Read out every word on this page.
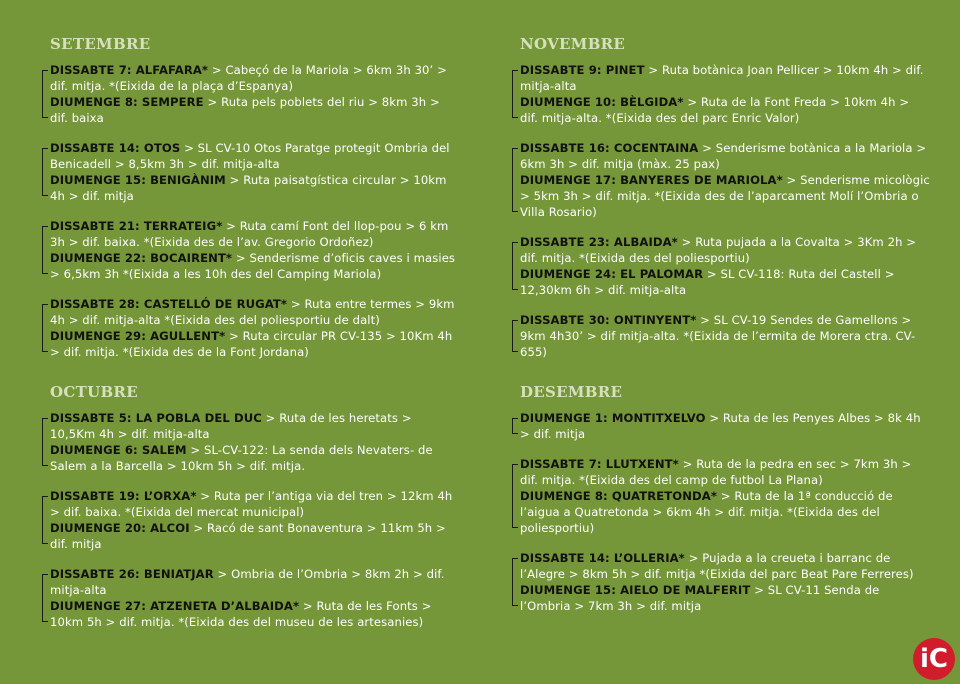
SETEMBRE
DISSABTE 7: ALFAFARA* > Cabeçó de la Mariola > 6km 3h 30’ > dif. mitja. *(Eixida de la plaça d’Espanya)
DIUMENGE 8: SEMPERE > Ruta pels poblets del riu > 8km 3h > dif. baixa
DISSABTE 14: OTOS > SL CV-10 Otos Paratge protegit Ombria del Benicadell > 8,5km 3h > dif. mitja-alta
DIUMENGE 15: BENIGÀNIM > Ruta paisatgística circular > 10km 4h > dif. mitja
DISSABTE 21: TERRATEIG* > Ruta camí Font del llop-pou > 6 km 3h > dif. baixa. *(Eixida des de l’av. Gregorio Ordoñez)
DIUMENGE 22: BOCAIRENT* > Senderisme d’oficis caves i masies > 6,5km 3h *(Eixida a les 10h des del Camping Mariola)
DISSABTE 28: CASTELLÓ DE RUGAT* > Ruta entre termes > 9km 4h > dif. mitja-alta *(Eixida des del poliesportiu de dalt)
DIUMENGE 29: AGULLENT* > Ruta circular PR CV-135 > 10Km 4h > dif. mitja. *(Eixida des de la Font Jordana)
OCTUBRE
DISSABTE 5: LA POBLA DEL DUC > Ruta de les heretats > 10,5Km 4h > dif. mitja-alta
DIUMENGE 6: SALEM > SL-CV-122: La senda dels Nevaters- de Salem a la Barcella > 10km 5h > dif. mitja.
DISSABTE 19: L’ORXA* > Ruta per l’antiga via del tren > 12km 4h > dif. baixa. *(Eixida del mercat municipal)
DIUMENGE 20: ALCOI > Racó de sant Bonaventura > 11km 5h > dif. mitja
DISSABTE 26: BENIATJAR > Ombria de l’Ombria > 8km 2h > dif. mitja-alta
DIUMENGE 27: ATZENETA D’ALBAIDA* > Ruta de les Fonts > 10km 5h > dif. mitja. *(Eixida des del museu de les artesanies)
NOVEMBRE
DISSABTE 9: PINET > Ruta botànica Joan Pellicer > 10km 4h > dif. mitja-alta
DIUMENGE 10: BÈLGIDA* > Ruta de la Font Freda > 10km 4h > dif. mitja-alta. *(Eixida des del parc Enric Valor)
DISSABTE 16: COCENTAINA > Senderisme botànica a la Mariola > 6km 3h > dif. mitja (màx. 25 pax)
DIUMENGE 17: BANYERES DE MARIOLA* > Senderisme micològic > 5km 3h > dif. mitja. *(Eixida des de l’aparcament Molí l’Ombria o Villa Rosario)
DISSABTE 23: ALBAIDA* > Ruta pujada a la Covalta > 3Km 2h > dif. mitja. *(Eixida des del poliesportiu)
DIUMENGE 24: EL PALOMAR > SL CV-118: Ruta del Castell > 12,30km 6h > dif. mitja-alta
DISSABTE 30: ONTINYENT* > SL CV-19 Sendes de Gamellons > 9km 4h30’ > dif mitja-alta. *(Eixida de l’ermita de Morera ctra. CV-655)
DESEMBRE
DIUMENGE 1: MONTITXELVO > Ruta de les Penyes Albes > 8k 4h > dif. mitja
DISSABTE 7: LLUTXENT* > Ruta de la pedra en sec > 7km 3h > dif. mitja. *(Eixida des del camp de futbol La Plana)
DIUMENGE 8: QUATRETONDA* > Ruta de la 1ª conducció de l’aigua a Quatretonda > 6km 4h > dif. mitja. *(Eixida des del poliesportiu)
DISSABTE 14: L’OLLERIA* > Pujada a la creueta i barranc de l’Alegre > 8km 5h > dif. mitja *(Eixida del parc Beat Pare Ferreres)
DIUMENGE 15: AIELO DE MALFERIT > SL CV-11 Senda de l’Ombria > 7km 3h > dif. mitja
iC
